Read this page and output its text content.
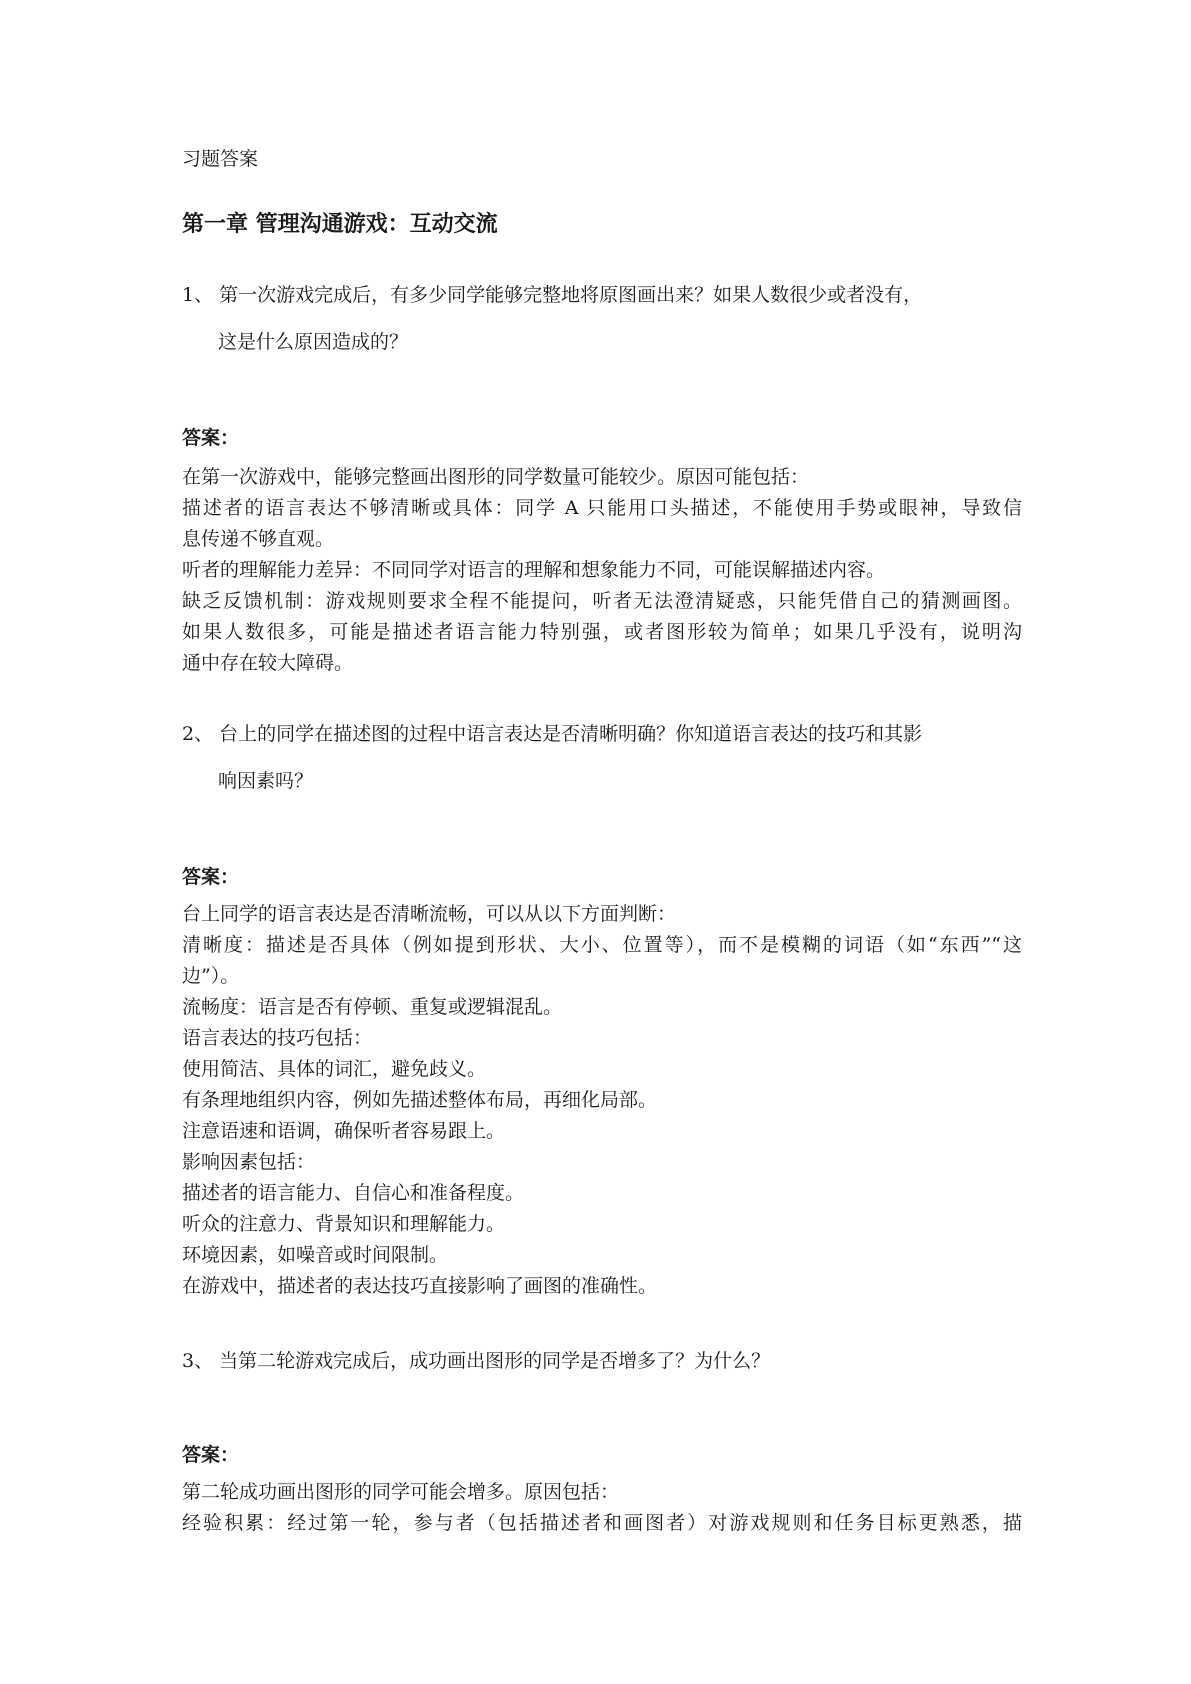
习题答案
第一章 管理沟通游戏：互动交流
1、 第一次游戏完成后，有多少同学能够完整地将原图画出来？如果人数很少或者没有，
这是什么原因造成的？
答案：
在第一次游戏中，能够完整画出图形的同学数量可能较少。原因可能包括：
描述者的语言表达不够清晰或具体：同学 A 只能用口头描述，不能使用手势或眼神，导致信
息传递不够直观。
听者的理解能力差异：不同同学对语言的理解和想象能力不同，可能误解描述内容。
缺乏反馈机制：游戏规则要求全程不能提问，听者无法澄清疑惑，只能凭借自己的猜测画图。
如果人数很多，可能是描述者语言能力特别强，或者图形较为简单；如果几乎没有，说明沟
通中存在较大障碍。
2、 台上的同学在描述图的过程中语言表达是否清晰明确？你知道语言表达的技巧和其影
响因素吗？
答案：
台上同学的语言表达是否清晰流畅，可以从以下方面判断：
清晰度：描述是否具体（例如提到形状、大小、位置等），而不是模糊的词语（如“东西”“这
边”）。
流畅度：语言是否有停顿、重复或逻辑混乱。
语言表达的技巧包括：
使用简洁、具体的词汇，避免歧义。
有条理地组织内容，例如先描述整体布局，再细化局部。
注意语速和语调，确保听者容易跟上。
影响因素包括：
描述者的语言能力、自信心和准备程度。
听众的注意力、背景知识和理解能力。
环境因素，如噪音或时间限制。
在游戏中，描述者的表达技巧直接影响了画图的准确性。
3、 当第二轮游戏完成后，成功画出图形的同学是否增多了？为什么？
答案：
第二轮成功画出图形的同学可能会增多。原因包括：
经验积累：经过第一轮，参与者（包括描述者和画图者）对游戏规则和任务目标更熟悉，描
